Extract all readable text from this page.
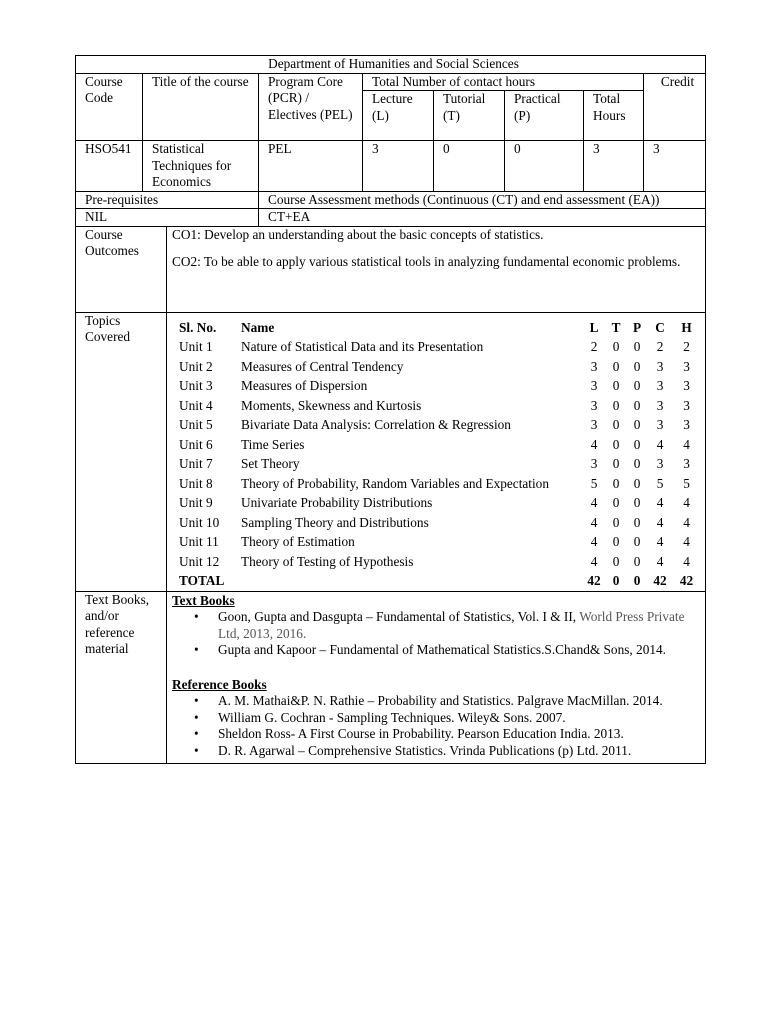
Department of Humanities and Social Sciences
Course Code	Title of the course	Program Core (PCR) / Electives (PEL)	Total Number of contact hours	Credit
Lecture (L)	Tutorial (T)	Practical (P)	Total Hours
HSO541	Statistical Techniques for Economics	PEL	3	0	0	3	3
Pre-requisites	Course Assessment methods (Continuous (CT) and end assessment (EA))
NIL	CT+EA
Course Outcomes	

CO1: Develop an understanding about the basic concepts of statistics.

CO2: To be able to apply various statistical tools in analyzing fundamental economic problems.

Topics Covered	
Sl. No.	Name	L	T	P	C	H
Unit 1	Nature of Statistical Data and its Presentation	2	0	0	2	2
Unit 2	Measures of Central Tendency	3	0	0	3	3
Unit 3	Measures of Dispersion	3	0	0	3	3
Unit 4	Moments, Skewness and Kurtosis	3	0	0	3	3
Unit 5	Bivariate Data Analysis: Correlation & Regression	3	0	0	3	3
Unit 6	Time Series	4	0	0	4	4
Unit 7	Set Theory	3	0	0	3	3
Unit 8	Theory of Probability, Random Variables and Expectation	5	0	0	5	5
Unit 9	Univariate Probability Distributions	4	0	0	4	4
Unit 10	Sampling Theory and Distributions	4	0	0	4	4
Unit 11	Theory of Estimation	4	0	0	4	4
Unit 12	Theory of Testing of Hypothesis	4	0	0	4	4
TOTAL		42	0	0	42	42

Text Books, and/or reference material	

Text Books

• Goon, Gupta and Dasgupta – Fundamental of Statistics, Vol. I & II, World Press Private Ltd, 2013, 2016.
• Gupta and Kapoor – Fundamental of Mathematical Statistics.S.Chand& Sons, 2014.

Reference Books

• A. M. Mathai&P. N. Rathie – Probability and Statistics. Palgrave MacMillan. 2014.
• William G. Cochran - Sampling Techniques. Wiley& Sons. 2007.
• Sheldon Ross- A First Course in Probability. Pearson Education India. 2013.
• D. R. Agarwal – Comprehensive Statistics. Vrinda Publications (p) Ltd. 2011.
